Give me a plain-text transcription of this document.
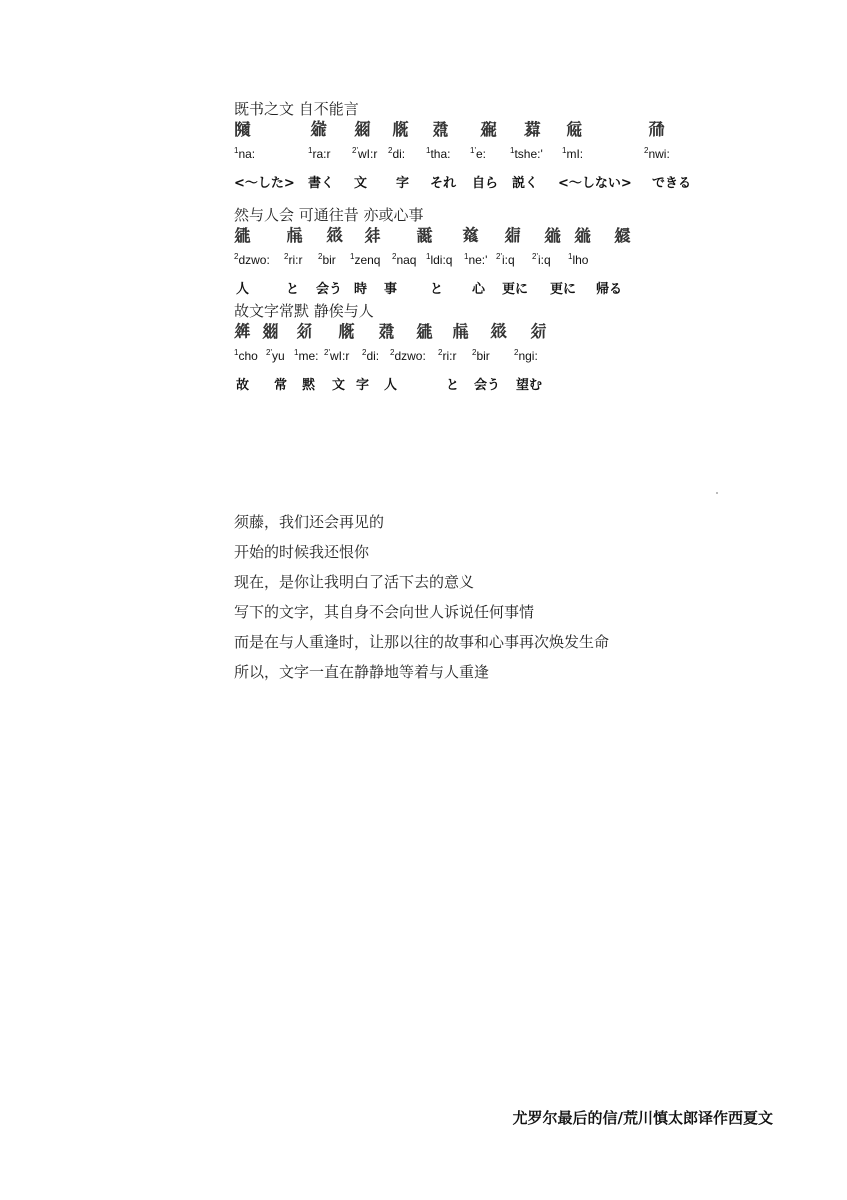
既书之文 自不能言
𗂧	𗨁 𗥃 𗅋 𘅣 𗘂 𗚷 𗏁	𗗙
$^1$na:	$^1$ra:r	$^{2'}$wI:r $^2$di:	$^1$tha: $^{1'}$e:	$^1$tshe:' $^1$mI:	$^2$nwi:
<〜した> 書く 文 字 それ 自ら 説く <〜しない> できる
然与人会 可通往昔 亦或心事
𗧓 𗍫 𗤻 𗢳 𗵘 𗒛 𗤋 𗥤 𗥤 𗧠
$^2$dzwo: $^2$ri:r $^2$bir $^1$zenq $^2$naq $^1$ldi:q $^1$ne:' $^{2'}$i:q $^{2'}$i:q $^1$lho
人	と 会う 時 事	と 心 更に 更に 帰る
故文字常默 静俟与人
𗤶 𗾞 𗢯 𗅋 𘅣 𗧓 𗍫 𗤻 𗢴
$^1$cho $^{2'}$yu $^1$me: $^{2'}$wI:r $^2$di: $^2$dzwo: $^2$ri:r $^2$bir	$^2$ngi:
故 常 黙 文 字 人	と 会う 望む
须藤，我们还会再见的
开始的时候我还恨你
现在，是你让我明白了活下去的意义
写下的文字，其自身不会向世人诉说任何事情
而是在与人重逢时，让那以往的故事和心事再次焕发生命
所以，文字一直在静静地等着与人重逢
尤罗尔最后的信/荒川慎太郎译作西夏文
